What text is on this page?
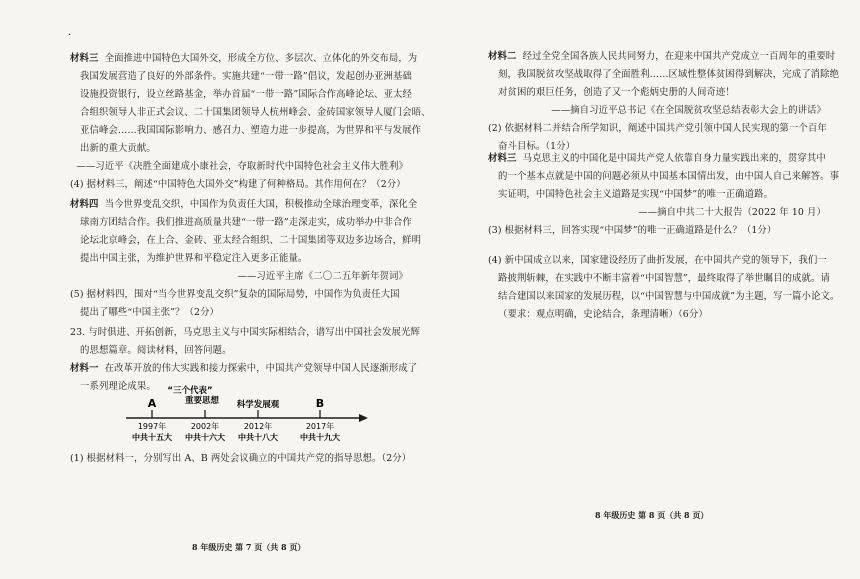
·

材料三 全面推进中国特色大国外交，形成全方位、多层次、立体化的外交布局，为

我国发展营造了良好的外部条件。实施共建“一带一路”倡议，发起创办亚洲基础

设施投资银行，设立丝路基金，举办首届“一带一路”国际合作高峰论坛、亚太经

合组织领导人非正式会议、二十国集团领导人杭州峰会、金砖国家领导人厦门会晤、

亚信峰会……我国国际影响力、感召力、塑造力进一步提高，为世界和平与发展作

出新的重大贡献。

——习近平《决胜全面建成小康社会，夺取新时代中国特色社会主义伟大胜利》

(4) 据材料三，阐述“中国特色大国外交”构建了何种格局。其作用何在？（2分）

材料四 当今世界变乱交织，中国作为负责任大国，积极推动全球治理变革，深化全

球南方团结合作。我们推进高质量共建“一带一路”走深走实，成功举办中非合作

论坛北京峰会，在上合、金砖、亚太经合组织、二十国集团等双边多边场合，鲜明

提出中国主张，为维护世界和平稳定注入更多正能量。

——习近平主席《二〇二五年新年贺词》

(5) 据材料四，围对“当今世界变乱交织”复杂的国际局势，中国作为负责任大国

提出了哪些“中国主张”？（2分）

23. 与时俱进、开拓创新，马克思主义与中国实际相结合，谱写出中国社会发展光辉

的思想篇章。阅读材料，回答问题。

材料一 在改革开放的伟大实践和接力探索中，中国共产党领导中国人民逐渐形成了

一系列理论成果。	“三个代表”
重要思想 科学发展观
A	B
1997年	2002年	2012年	2017年
中共十五大 中共十六大 中共十八大	中共十九大

(1) 根据材料一，分别写出 A、B 两处会议确立的中国共产党的指导思想。（2分）

8 年级历史 第 7 页（共 8 页）

材料二 经过全党全国各族人民共同努力，在迎来中国共产党成立一百周年的重要时

刻，我国脱贫攻坚战取得了全面胜利……区域性整体贫困得到解决，完成了消除绝

对贫困的艰巨任务，创造了又一个彪炳史册的人间奇迹！

——摘自习近平总书记《在全国脱贫攻坚总结表彰大会上的讲话》

(2) 依据材料二并结合所学知识，阐述中国共产党引领中国人民实现的第一个百年

奋斗目标。（1分）

材料三 马克思主义的中国化是中国共产党人依靠自身力量实践出来的，贯穿其中

的一个基本点就是中国的问题必须从中国基本国情出发，由中国人自己来解答。事

实证明，中国特色社会主义道路是实现“中国梦”的唯一正确道路。

——摘自中共二十大报告（2022 年 10 月）

(3) 根据材料三，回答实现“中国梦”的唯一正确道路是什么？（1分）

(4) 新中国成立以来，国家建设经历了曲折发展，在中国共产党的领导下，我们一

路披荆斩棘，在实践中不断丰富着“中国智慧”，最终取得了举世瞩目的成就。请

结合建国以来国家的发展历程，以“中国智慧与中国成就”为主题，写一篇小论文。

（要求：观点明确，史论结合，条理清晰）（6分）

8 年级历史 第 8 页（共 8 页）
